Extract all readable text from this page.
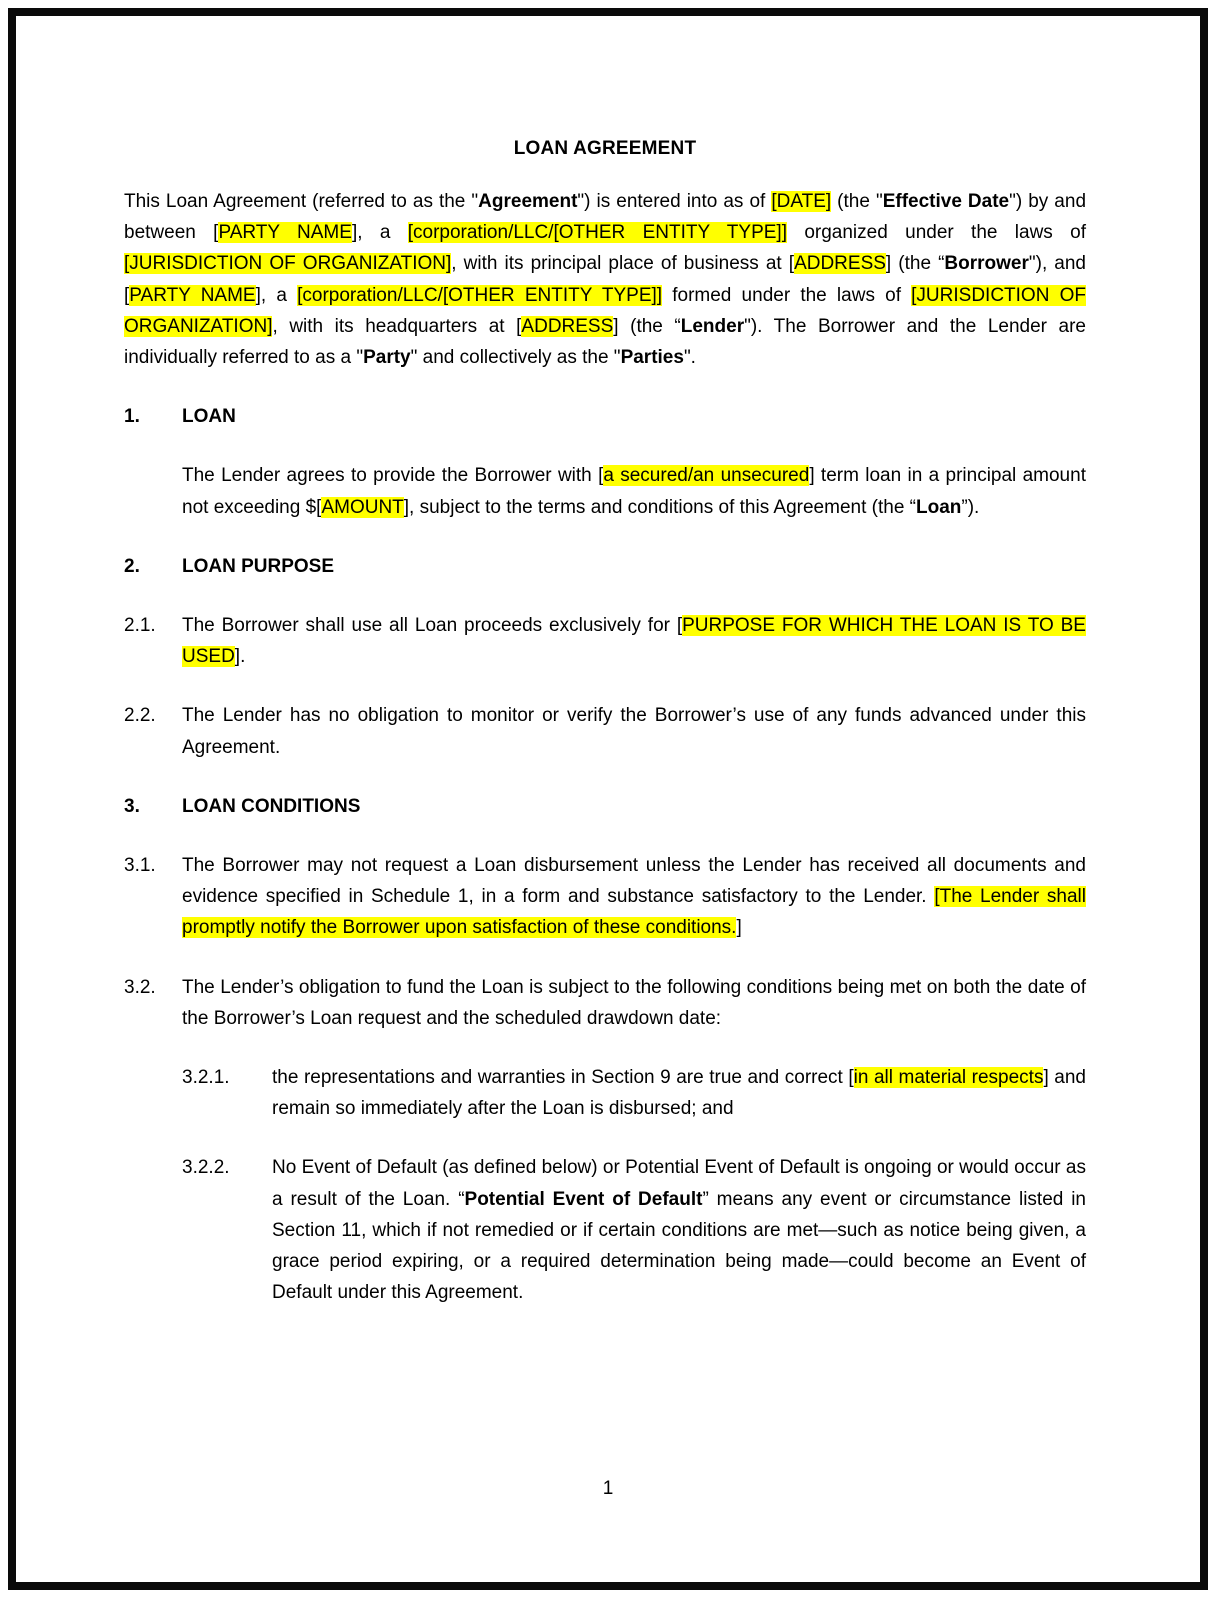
LOAN AGREEMENT

This Loan Agreement (referred to as the "Agreement") is entered into as of [DATE] (the "Effective Date") by and between [PARTY NAME], a [corporation/LLC/[OTHER ENTITY TYPE]] organized under the laws of [JURISDICTION OF ORGANIZATION], with its principal place of business at [ADDRESS] (the “Borrower"), and [PARTY NAME], a [corporation/LLC/[OTHER ENTITY TYPE]] formed under the laws of [JURISDICTION OF ORGANIZATION], with its headquarters at [ADDRESS] (the “Lender"). The Borrower and the Lender are individually referred to as a "Party" and collectively as the "Parties".

1.	LOAN

The Lender agrees to provide the Borrower with [a secured/an unsecured] term loan in a principal amount not exceeding $[AMOUNT], subject to the terms and conditions of this Agreement (the “Loan”).

2.	LOAN PURPOSE
2.1.	The Borrower shall use all Loan proceeds exclusively for [PURPOSE FOR WHICH THE LOAN IS TO BE USED].
2.2.	The Lender has no obligation to monitor or verify the Borrower’s use of any funds advanced under this Agreement.
3.	LOAN CONDITIONS
3.1.	The Borrower may not request a Loan disbursement unless the Lender has received all documents and evidence specified in Schedule 1, in a form and substance satisfactory to the Lender. [The Lender shall promptly notify the Borrower upon satisfaction of these conditions.]
3.2.	The Lender’s obligation to fund the Loan is subject to the following conditions being met on both the date of the Borrower’s Loan request and the scheduled drawdown date:
3.2.1.	the representations and warranties in Section 9 are true and correct [in all material respects] and remain so immediately after the Loan is disbursed; and
3.2.2.	No Event of Default (as defined below) or Potential Event of Default is ongoing or would occur as a result of the Loan. “Potential Event of Default” means any event or circumstance listed in Section 11, which if not remedied or if certain conditions are met—such as notice being given, a grace period expiring, or a required determination being made—could become an Event of Default under this Agreement.
1
